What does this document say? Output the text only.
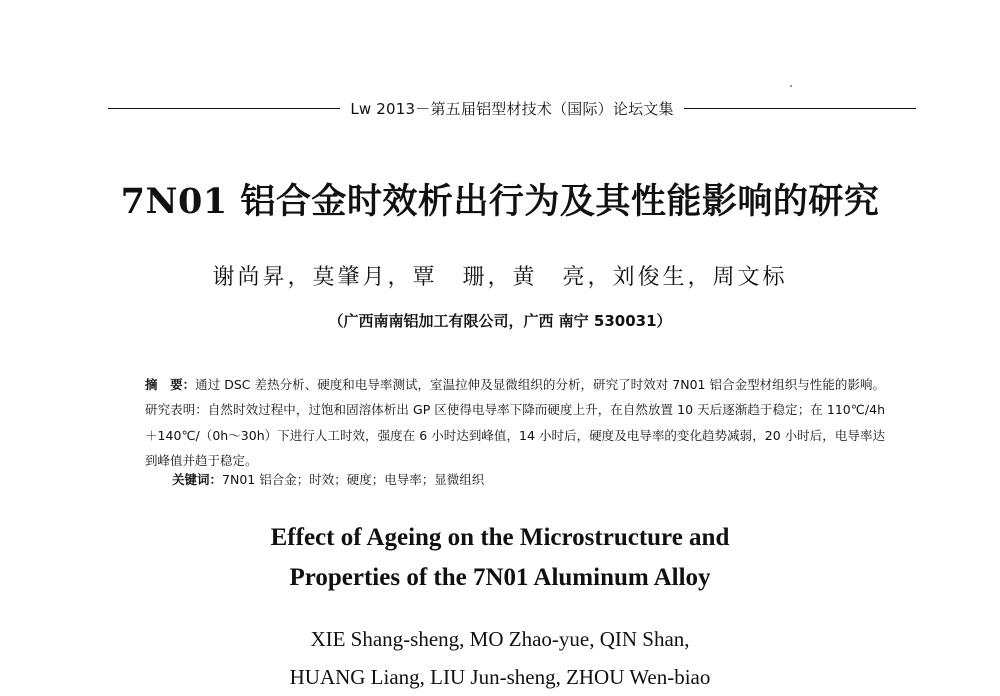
Lw 2013－第五届铝型材技术（国际）论坛文集
7N01 铝合金时效析出行为及其性能影响的研究
谢尚昇，莫肇月，覃　珊，黄　亮，刘俊生，周文标
（广西南南铝加工有限公司，广西 南宁 530031）
摘　要：通过 DSC 差热分析、硬度和电导率测试，室温拉伸及显微组织的分析，研究了时效对 7N01 铝合金型材组织与性能的影响。研究表明：自然时效过程中，过饱和固溶体析出 GP 区使得电导率下降而硬度上升，在自然放置 10 天后逐渐趋于稳定；在 110℃/4h＋140℃/（0h～30h）下进行人工时效，强度在 6 小时达到峰值，14 小时后，硬度及电导率的变化趋势减弱，20 小时后，电导率达到峰值并趋于稳定。
关键词：7N01 铝合金；时效；硬度；电导率；显微组织
Effect of Ageing on the Microstructure and
Properties of the 7N01 Aluminum Alloy
XIE Shang-sheng, MO Zhao-yue, QIN Shan,
HUANG Liang, LIU Jun-sheng, ZHOU Wen-biao
